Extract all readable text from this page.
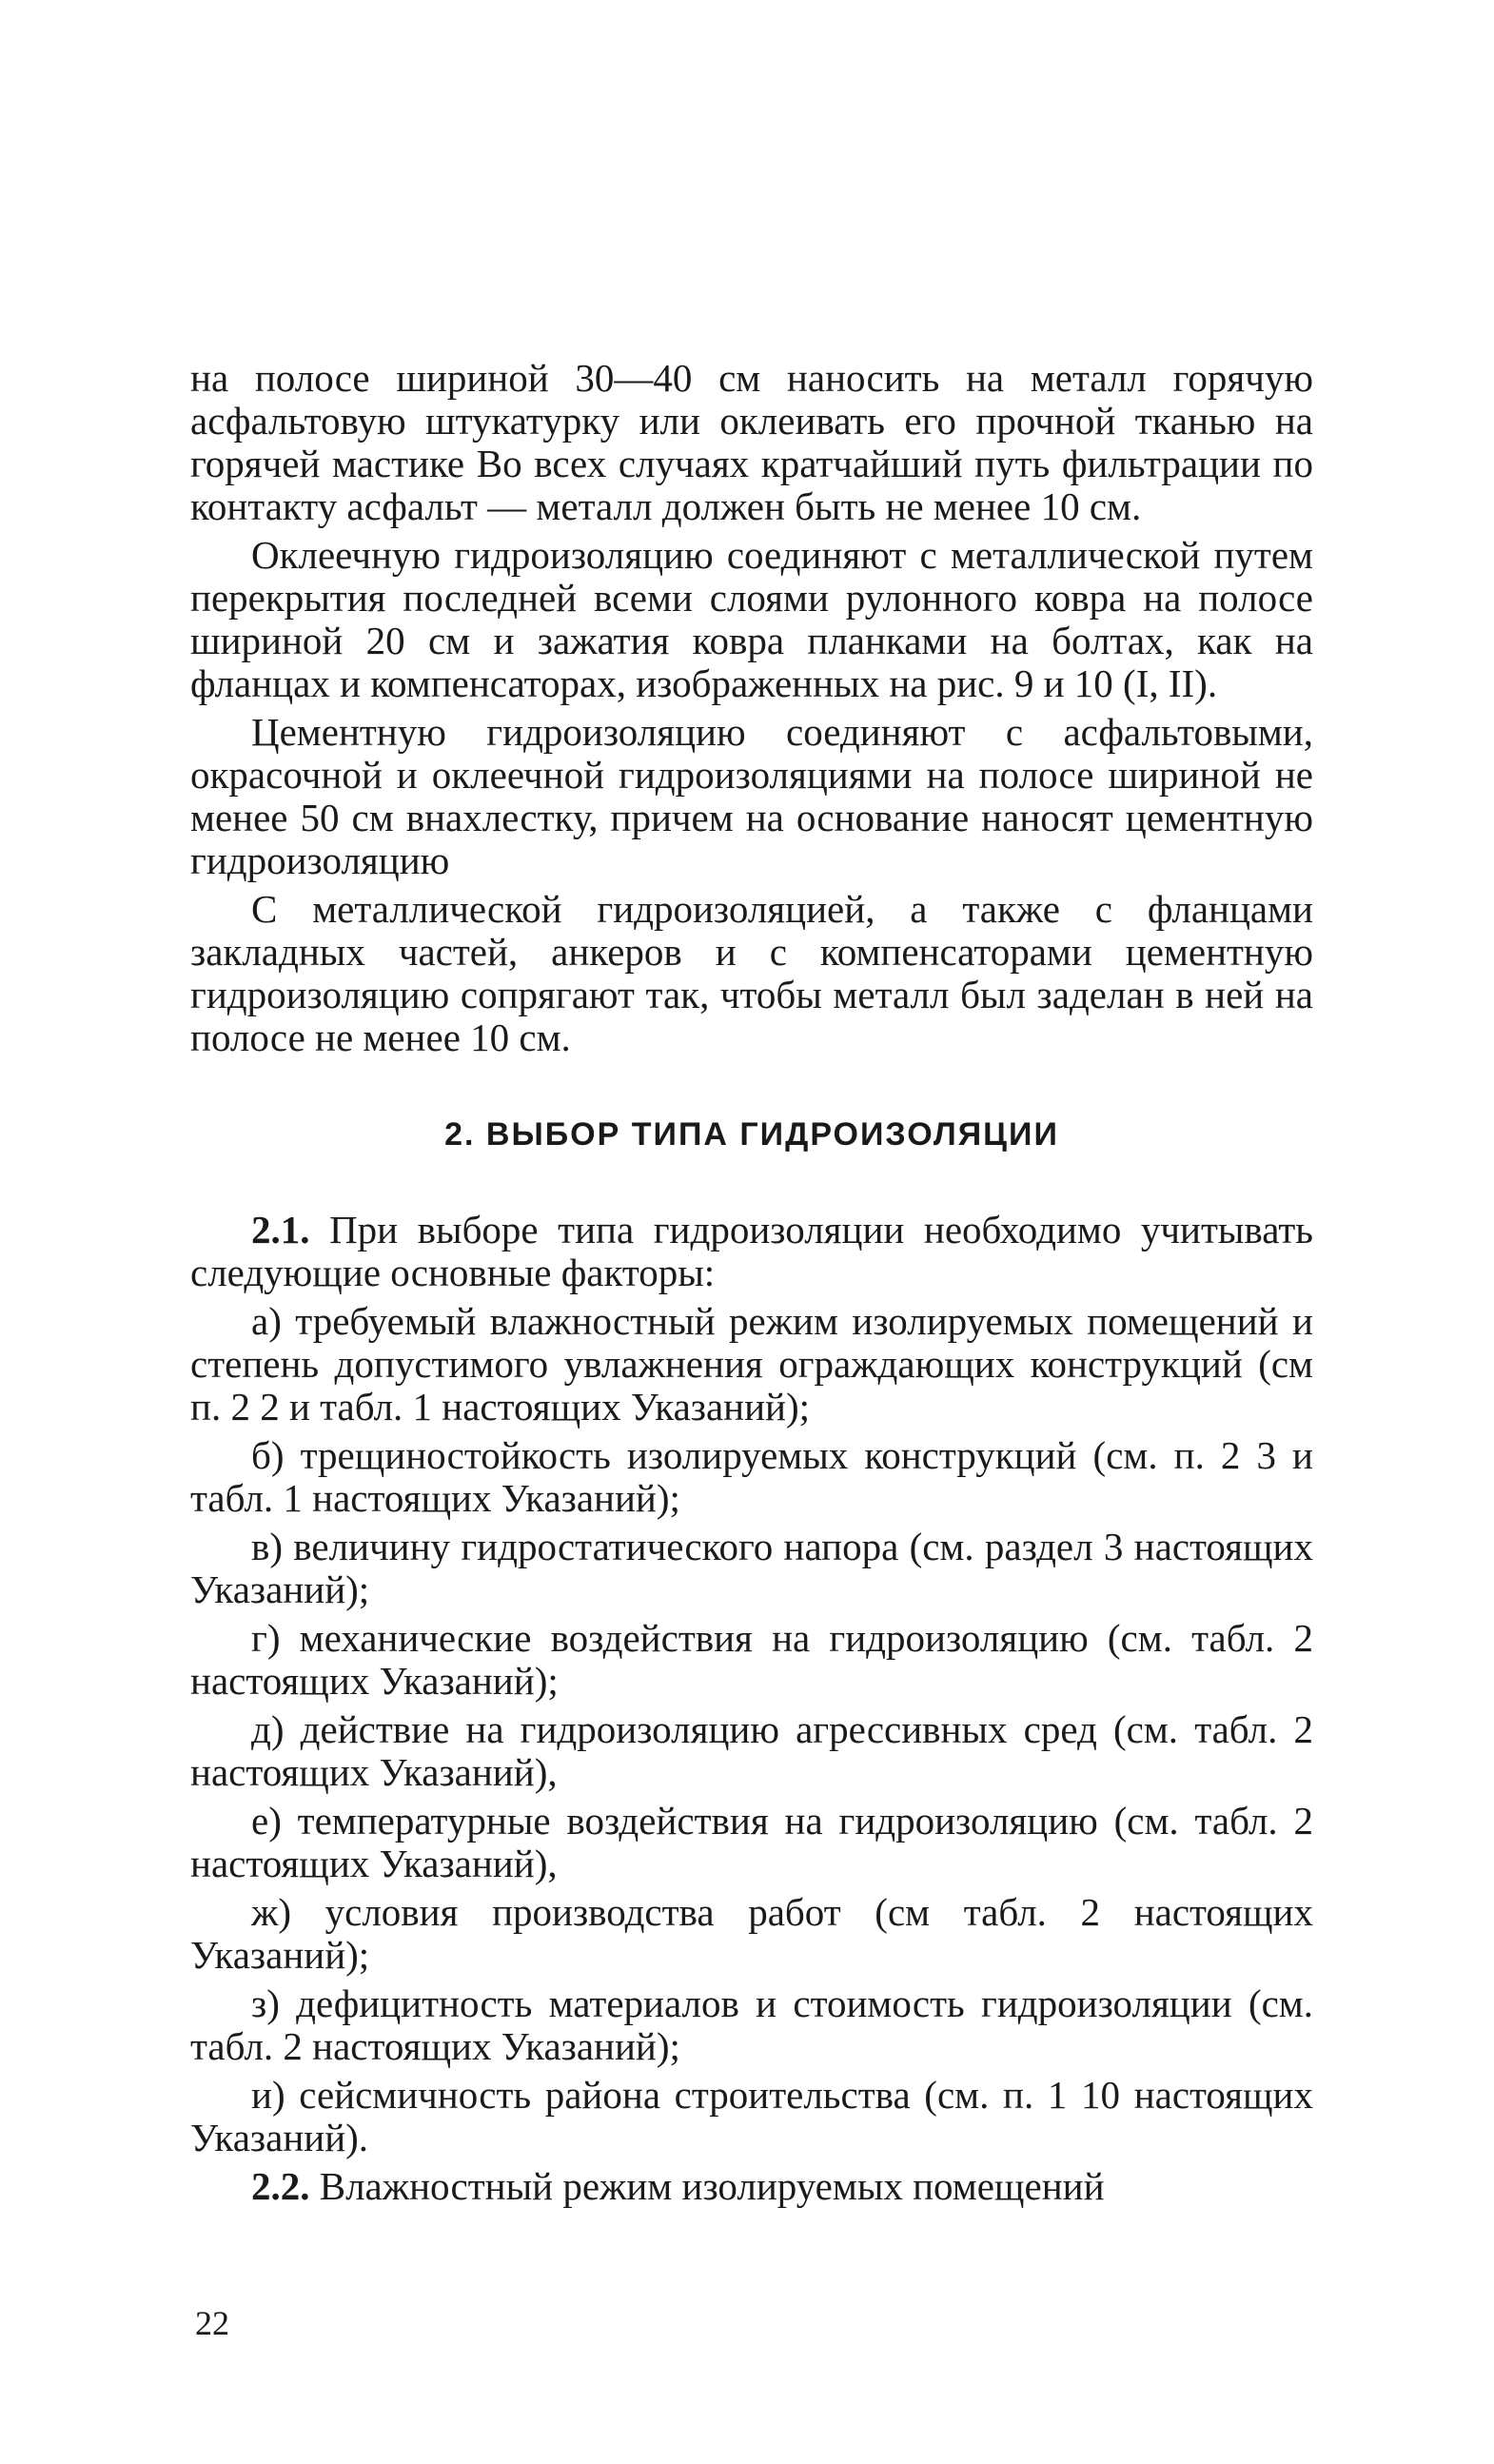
на полосе шириной 30—40 см наносить на металл горячую асфальтовую штукатурку или оклеивать его прочной тканью на горячей мастике Во всех случаях кратчайший путь фильтрации по контакту асфальт — металл должен быть не менее 10 см.

Оклеечную гидроизоляцию соединяют с металлической путем перекрытия последней всеми слоями рулонного ковра на полосе шириной 20 см и зажатия ковра планками на болтах, как на фланцах и компенсаторах, изображенных на рис. 9 и 10 (I, II).

Цементную гидроизоляцию соединяют с асфальтовыми, окрасочной и оклеечной гидроизоляциями на полосе шириной не менее 50 см внахлестку, причем на основание наносят цементную гидроизоляцию

С металлической гидроизоляцией, а также с фланцами закладных частей, анкеров и с компенсаторами цементную гидроизоляцию сопрягают так, чтобы металл был заделан в ней на полосе не менее 10 см.

2. ВЫБОР ТИПА ГИДРОИЗОЛЯЦИИ

2.1. При выборе типа гидроизоляции необходимо учитывать следующие основные факторы:

а) требуемый влажностный режим изолируемых помещений и степень допустимого увлажнения ограждающих конструкций (см п. 2 2 и табл. 1 настоящих Указаний);

б) трещиностойкость изолируемых конструкций (см. п. 2 3 и табл. 1 настоящих Указаний);

в) величину гидростатического напора (см. раздел 3 настоящих Указаний);

г) механические воздействия на гидроизоляцию (см. табл. 2 настоящих Указаний);

д) действие на гидроизоляцию агрессивных сред (см. табл. 2 настоящих Указаний),

е) температурные воздействия на гидроизоляцию (см. табл. 2 настоящих Указаний),

ж) условия производства работ (см табл. 2 настоящих Указаний);

з) дефицитность материалов и стоимость гидроизоляции (см. табл. 2 настоящих Указаний);

и) сейсмичность района строительства (см. п. 1 10 настоящих Указаний).

2.2. Влажностный режим изолируемых помещений

22
